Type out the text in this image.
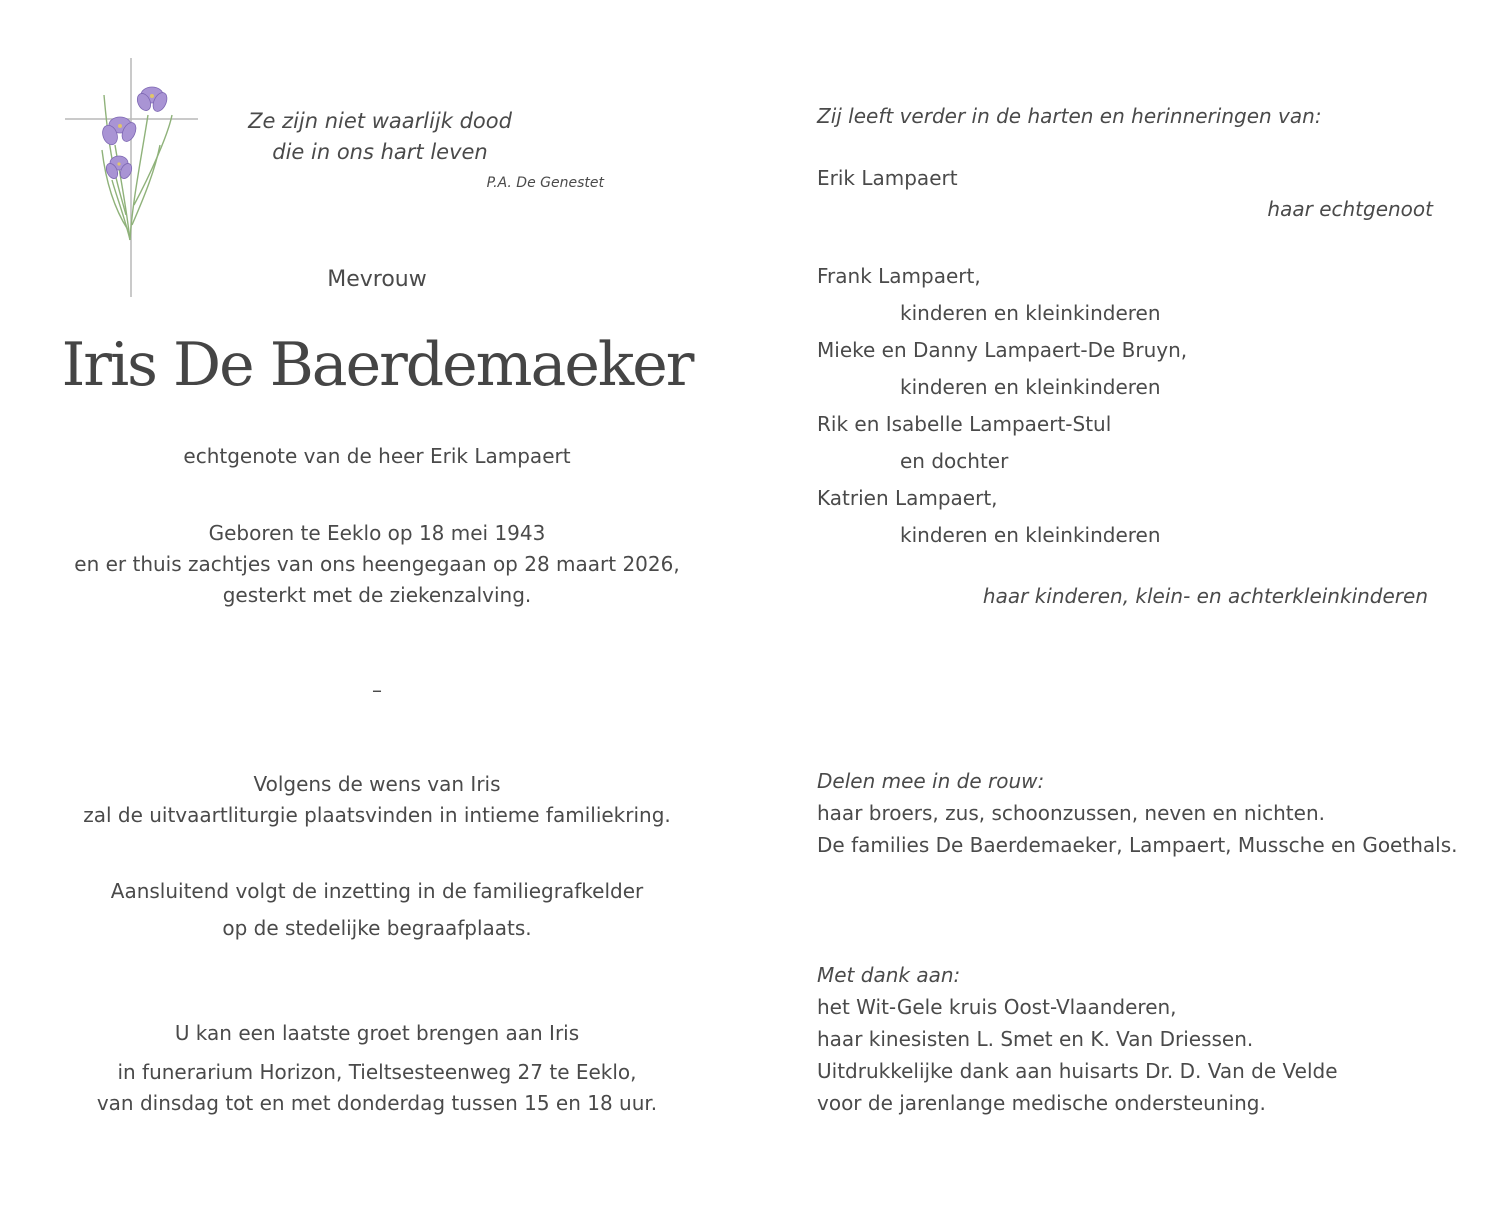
Ze zijn niet waarlijk dood
die in ons hart leven
P.A. De Genestet
Mevrouw
Iris De Baerdemaeker
echtgenote van de heer Erik Lampaert
Geboren te Eeklo op 18 mei 1943
en er thuis zachtjes van ons heengegaan op 28 maart 2026,
gesterkt met de ziekenzalving.
–
Volgens de wens van Iris
zal de uitvaartliturgie plaatsvinden in intieme familiekring.
Aansluitend volgt de inzetting in de familiegrafkelder
op de stedelijke begraafplaats.
U kan een laatste groet brengen aan Iris
in funerarium Horizon, Tieltsesteenweg 27 te Eeklo,
van dinsdag tot en met donderdag tussen 15 en 18 uur.
Zij leeft verder in de harten en herinneringen van:
Erik Lampaert
haar echtgenoot
Frank Lampaert,
kinderen en kleinkinderen
Mieke en Danny Lampaert-De Bruyn,
kinderen en kleinkinderen
Rik en Isabelle Lampaert-Stul
en dochter
Katrien Lampaert,
kinderen en kleinkinderen
haar kinderen, klein- en achterkleinkinderen
Delen mee in de rouw:
haar broers, zus, schoonzussen, neven en nichten.
De families De Baerdemaeker, Lampaert, Mussche en Goethals.
Met dank aan:
het Wit-Gele kruis Oost-Vlaanderen,
haar kinesisten L. Smet en K. Van Driessen.
Uitdrukkelijke dank aan huisarts Dr. D. Van de Velde
voor de jarenlange medische ondersteuning.
